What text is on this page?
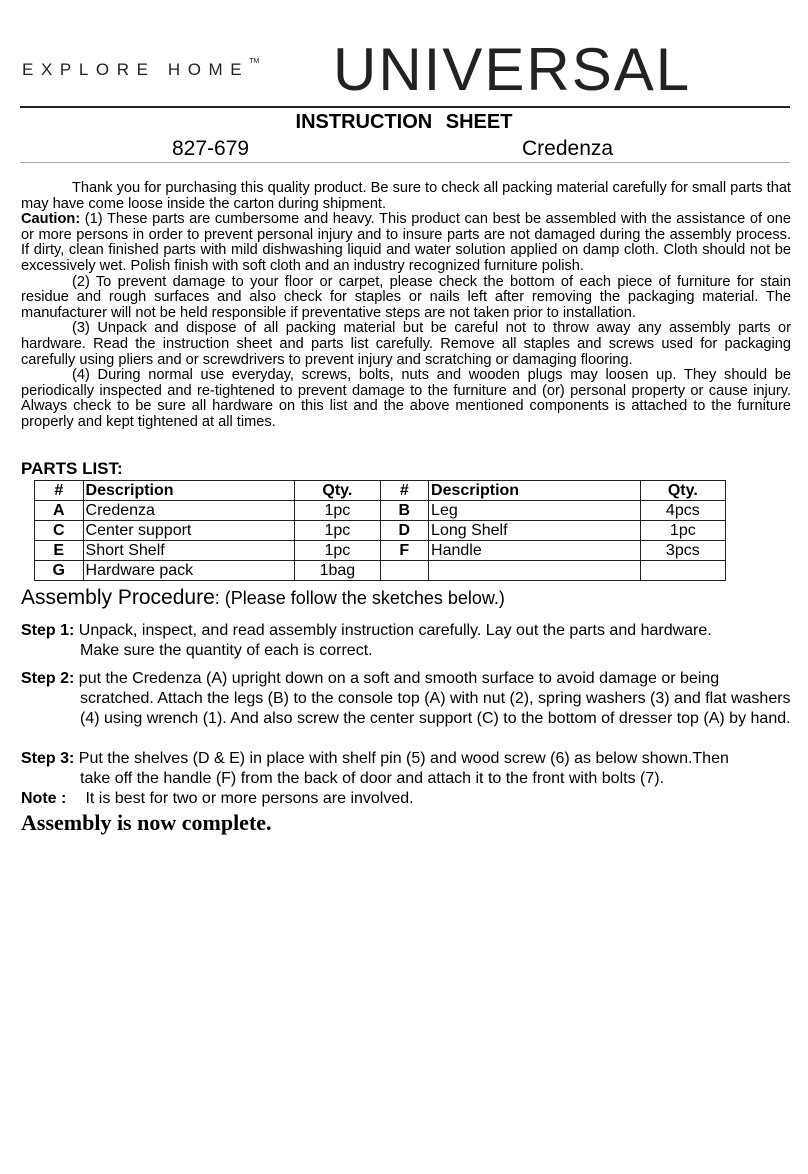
EXPLORE HOME™ UNIVERSAL
INSTRUCTION SHEET
827-679	Credenza

Thank you for purchasing this quality product. Be sure to check all packing material carefully for small parts that may have come loose inside the carton during shipment.

Caution: (1) These parts are cumbersome and heavy. This product can best be assembled with the assistance of one or more persons in order to prevent personal injury and to insure parts are not damaged during the assembly process. If dirty, clean finished parts with mild dishwashing liquid and water solution applied on damp cloth. Cloth should not be excessively wet. Polish finish with soft cloth and an industry recognized furniture polish.

(2) To prevent damage to your floor or carpet, please check the bottom of each piece of furniture for stain residue and rough surfaces and also check for staples or nails left after removing the packaging material. The manufacturer will not be held responsible if preventative steps are not taken prior to installation.

(3) Unpack and dispose of all packing material but be careful not to throw away any assembly parts or hardware. Read the instruction sheet and parts list carefully. Remove all staples and screws used for packaging carefully using pliers and or screwdrivers to prevent injury and scratching or damaging flooring.

(4) During normal use everyday, screws, bolts, nuts and wooden plugs may loosen up. They should be periodically inspected and re-tightened to prevent damage to the furniture and (or) personal property or cause injury. Always check to be sure all hardware on this list and the above mentioned components is attached to the furniture properly and kept tightened at all times.

PARTS LIST:
#	Description	Qty.	#	Description	Qty.
A	Credenza	1pc	B	Leg	4pcs
C	Center support	1pc	D	Long Shelf	1pc
E	Short Shelf	1pc	F	Handle	3pcs
G	Hardware pack	1bag			
Assembly Procedure: (Please follow the sketches below.)
Step 1: Unpack, inspect, and read assembly instruction carefully. Lay out the parts and hardware.
Make sure the quantity of each is correct.
Step 2: put the Credenza (A) upright down on a soft and smooth surface to avoid damage or being
scratched. Attach the legs (B) to the console top (A) with nut (2), spring washers (3) and flat washers (4) using wrench (1). And also screw the center support (C) to the bottom of dresser top (A) by hand.
Step 3: Put the shelves (D & E) in place with shelf pin (5) and wood screw (6) as below shown.Then
take off the handle (F) from the back of door and attach it to the front with bolts (7).
Note : It is best for two or more persons are involved.
Assembly is now complete.
